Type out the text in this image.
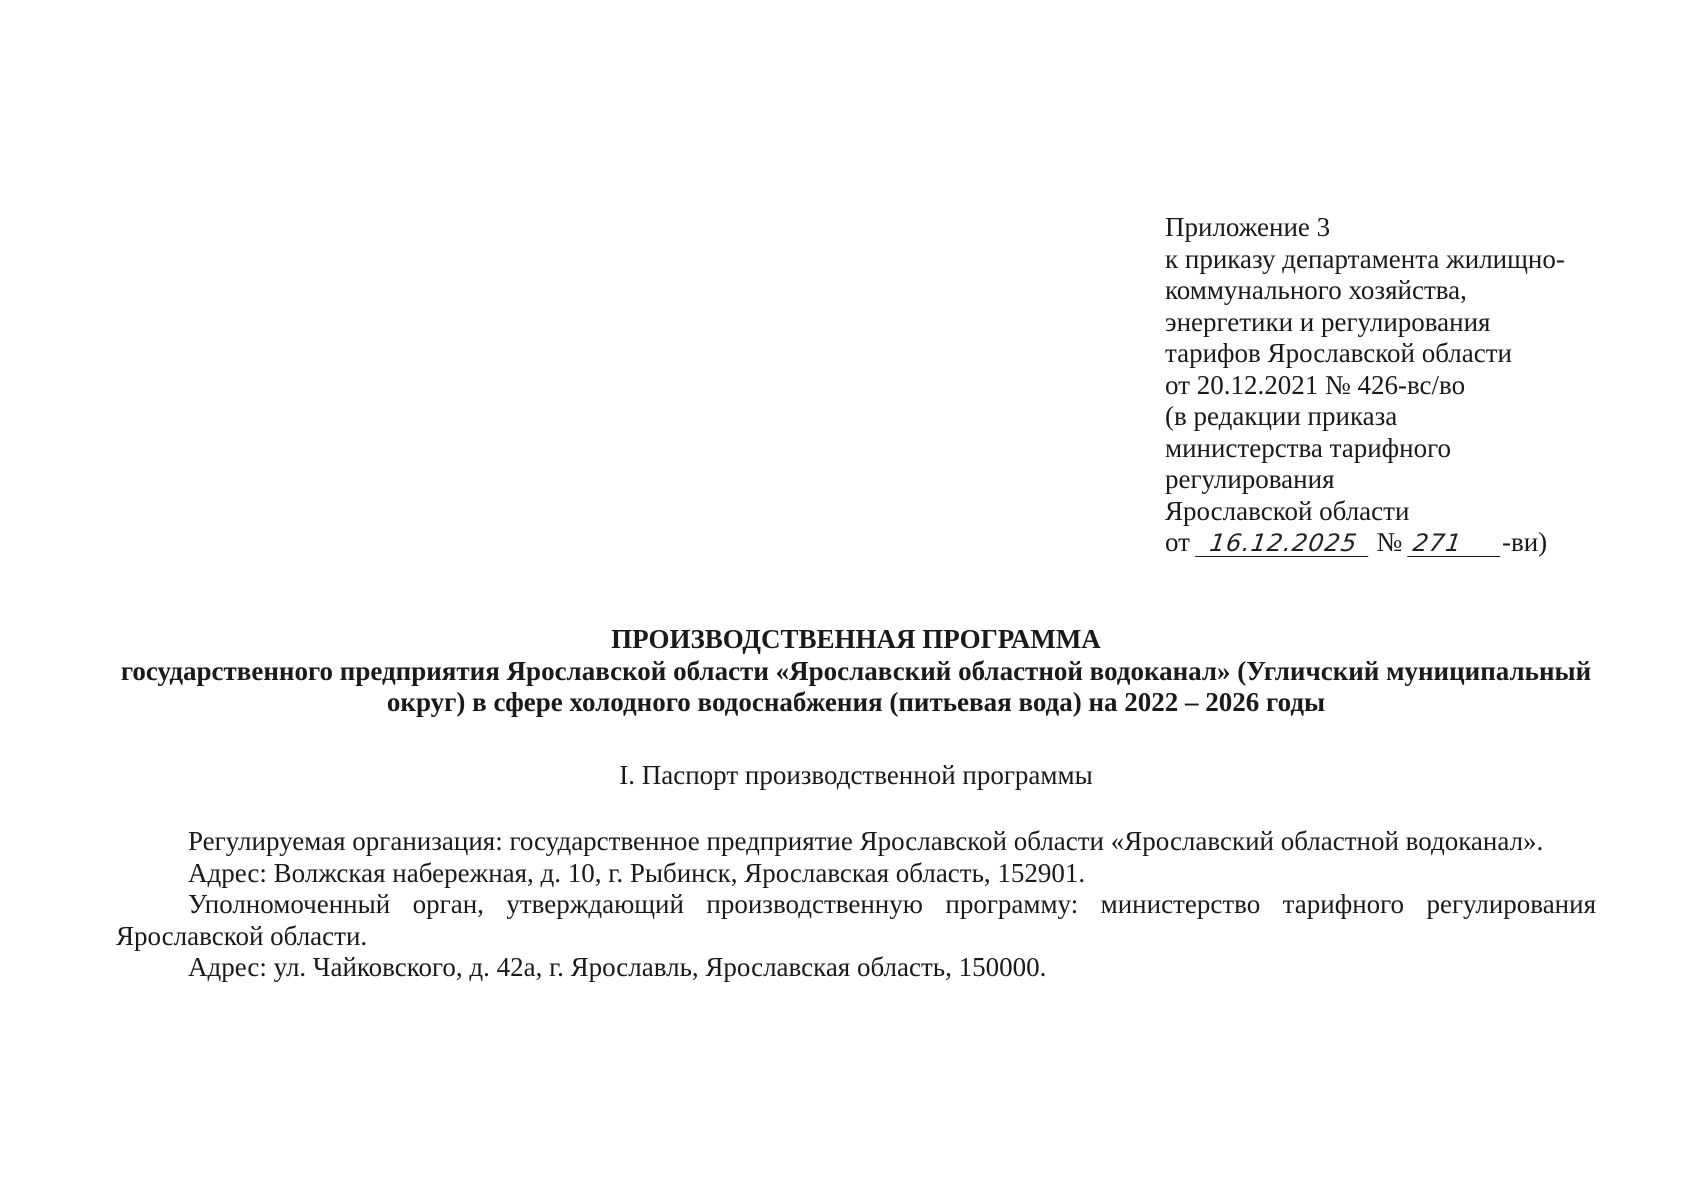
Приложение 3
к приказу департамента жилищно-
коммунального хозяйства,
энергетики и регулирования
тарифов Ярославской области
от 20.12.2021 № 426-вс/во
(в редакции приказа
министерства тарифного
регулирования
Ярославской области
от 16.12.2025 № 271 -ви)
ПРОИЗВОДСТВЕННАЯ ПРОГРАММА
государственного предприятия Ярославской области «Ярославский областной водоканал» (Угличский муниципальный округ) в сфере холодного водоснабжения (питьевая вода) на 2022 – 2026 годы
I. Паспорт производственной программы

Регулируемая организация: государственное предприятие Ярославской области «Ярославский областной водоканал».

Адрес: Волжская набережная, д. 10, г. Рыбинск, Ярославская область, 152901.

Уполномоченный орган, утверждающий производственную программу: министерство тарифного регулирования Ярославской области.

Адрес: ул. Чайковского, д. 42а, г. Ярославль, Ярославская область, 150000.
